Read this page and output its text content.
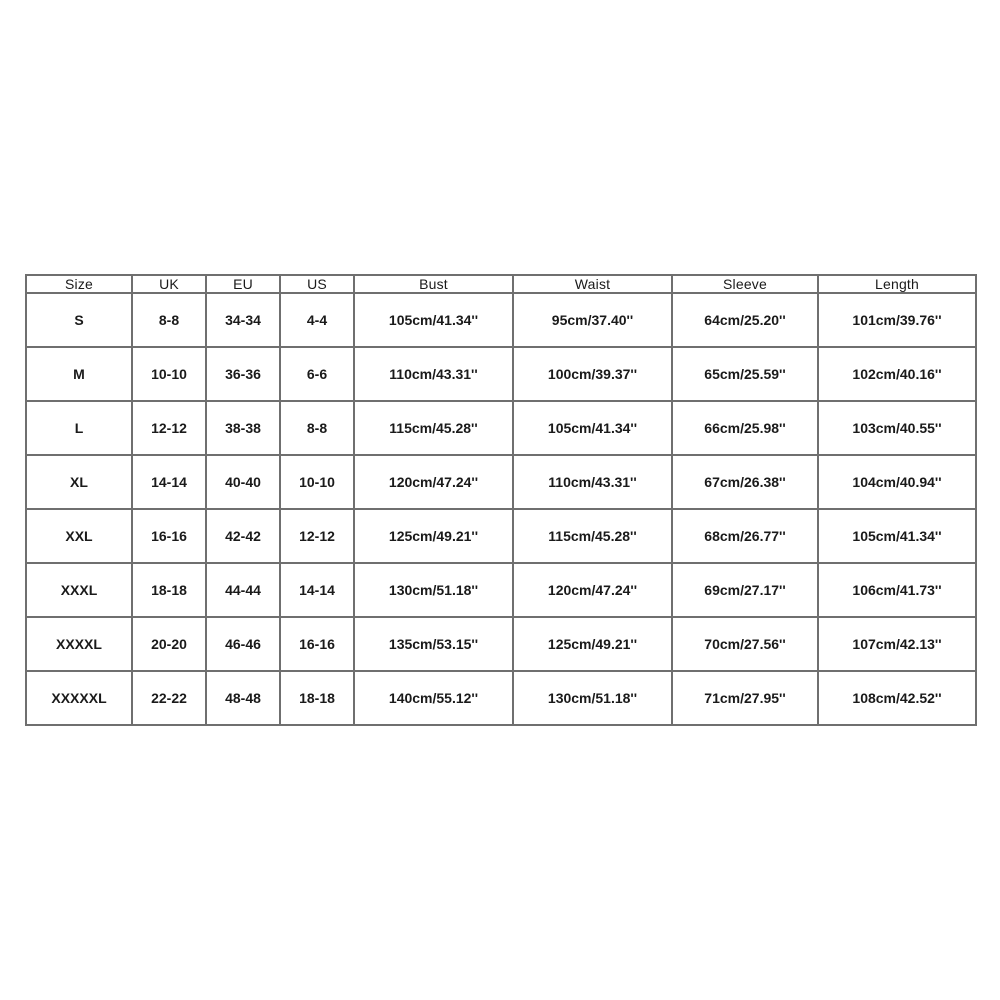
Size	UK	EU	US	Bust	Waist	Sleeve	Length
S	8-8	34-34	4-4	105cm/41.34''	95cm/37.40''	64cm/25.20''	101cm/39.76''
M	10-10	36-36	6-6	110cm/43.31''	100cm/39.37''	65cm/25.59''	102cm/40.16''
L	12-12	38-38	8-8	115cm/45.28''	105cm/41.34''	66cm/25.98''	103cm/40.55''
XL	14-14	40-40	10-10	120cm/47.24''	110cm/43.31''	67cm/26.38''	104cm/40.94''
XXL	16-16	42-42	12-12	125cm/49.21''	115cm/45.28''	68cm/26.77''	105cm/41.34''
XXXL	18-18	44-44	14-14	130cm/51.18''	120cm/47.24''	69cm/27.17''	106cm/41.73''
XXXXL	20-20	46-46	16-16	135cm/53.15''	125cm/49.21''	70cm/27.56''	107cm/42.13''
XXXXXL	22-22	48-48	18-18	140cm/55.12''	130cm/51.18''	71cm/27.95''	108cm/42.52''
